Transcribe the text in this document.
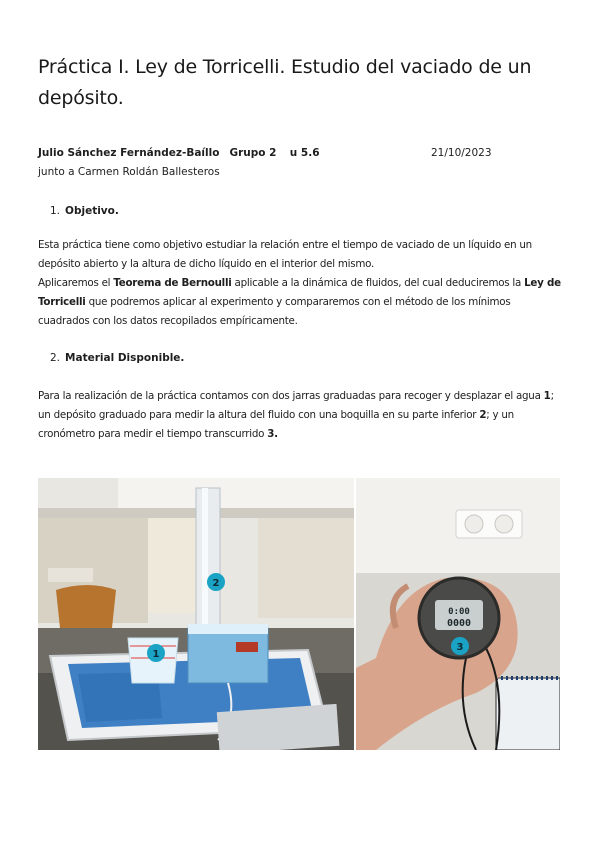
Práctica I. Ley de Torricelli. Estudio del vaciado de un depósito.
Julio Sánchez Fernández-Baíllo Grupo 2 u 5.6	21/10/2023
junto a Carmen Roldán Ballesteros
1. Objetivo.

Esta práctica tiene como objetivo estudiar la relación entre el tiempo de vaciado de un líquido en un depósito abierto y la altura de dicho líquido en el interior del mismo.

Aplicaremos el Teorema de Bernoulli aplicable a la dinámica de fluidos, del cual deduciremos la Ley de Torricelli que podremos aplicar al experimento y compararemos con el método de los mínimos cuadrados con los datos recopilados empíricamente.

2. Material Disponible.

Para la realización de la práctica contamos con dos jarras graduadas para recoger y desplazar el agua 1; un depósito graduado para medir la altura del fluido con una boquilla en su parte inferior 2; y un cronómetro para medir el tiempo transcurrido 3.

1
2
0:00
0000
3
